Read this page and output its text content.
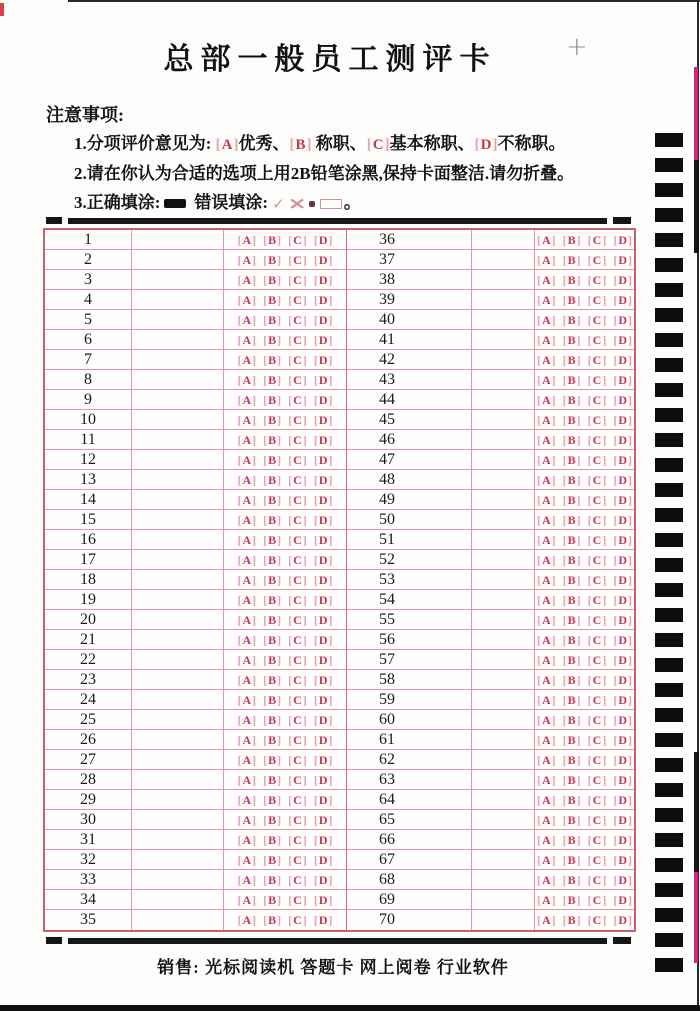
总部一般员工测评卡	+
注意事项:
1.分项评价意见为: [ A ] 优秀、 [ B ] 称职、 [ C ] 基本称职、 [ D ] 不称职。
2.请在你认为合适的选项上用2B铅笔涂黑,保持卡面整洁.请勿折叠。
3.正确填涂: 错误填涂: ✓ × 。
1	[ A ] [ B ] [ C ] [ D ]	36	[ A ] [ B ] [ C ] [ D ]
2	[ A ] [ B ] [ C ] [ D ]	37	[ A ] [ B ] [ C ] [ D ]
3	[ A ] [ B ] [ C ] [ D ]	38	[ A ] [ B ] [ C ] [ D ]
4	[ A ] [ B ] [ C ] [ D ]	39	[ A ] [ B ] [ C ] [ D ]
5	[ A ] [ B ] [ C ] [ D ]	40	[ A ] [ B ] [ C ] [ D ]
6	[ A ] [ B ] [ C ] [ D ]	41	[ A ] [ B ] [ C ] [ D ]
7	[ A ] [ B ] [ C ] [ D ]	42	[ A ] [ B ] [ C ] [ D ]
8	[ A ] [ B ] [ C ] [ D ]	43	[ A ] [ B ] [ C ] [ D ]
9	[ A ] [ B ] [ C ] [ D ]	44	[ A ] [ B ] [ C ] [ D ]
10	[ A ] [ B ] [ C ] [ D ]	45	[ A ] [ B ] [ C ] [ D ]
11	[ A ] [ B ] [ C ] [ D ]	46	[ A ] [ B ] [ C ] [ D ]
12	[ A ] [ B ] [ C ] [ D ]	47	[ A ] [ B ] [ C ] [ D ]
13	[ A ] [ B ] [ C ] [ D ]	48	[ A ] [ B ] [ C ] [ D ]
14	[ A ] [ B ] [ C ] [ D ]	49	[ A ] [ B ] [ C ] [ D ]
15	[ A ] [ B ] [ C ] [ D ]	50	[ A ] [ B ] [ C ] [ D ]
16	[ A ] [ B ] [ C ] [ D ]	51	[ A ] [ B ] [ C ] [ D ]
17	[ A ] [ B ] [ C ] [ D ]	52	[ A ] [ B ] [ C ] [ D ]
18	[ A ] [ B ] [ C ] [ D ]	53	[ A ] [ B ] [ C ] [ D ]
19	[ A ] [ B ] [ C ] [ D ]	54	[ A ] [ B ] [ C ] [ D ]
20	[ A ] [ B ] [ C ] [ D ]	55	[ A ] [ B ] [ C ] [ D ]
21	[ A ] [ B ] [ C ] [ D ]	56	[ A ] [ B ] [ C ] [ D ]
22	[ A ] [ B ] [ C ] [ D ]	57	[ A ] [ B ] [ C ] [ D ]
23	[ A ] [ B ] [ C ] [ D ]	58	[ A ] [ B ] [ C ] [ D ]
24	[ A ] [ B ] [ C ] [ D ]	59	[ A ] [ B ] [ C ] [ D ]
25	[ A ] [ B ] [ C ] [ D ]	60	[ A ] [ B ] [ C ] [ D ]
26	[ A ] [ B ] [ C ] [ D ]	61	[ A ] [ B ] [ C ] [ D ]
27	[ A ] [ B ] [ C ] [ D ]	62	[ A ] [ B ] [ C ] [ D ]
28	[ A ] [ B ] [ C ] [ D ]	63	[ A ] [ B ] [ C ] [ D ]
29	[ A ] [ B ] [ C ] [ D ]	64	[ A ] [ B ] [ C ] [ D ]
30	[ A ] [ B ] [ C ] [ D ]	65	[ A ] [ B ] [ C ] [ D ]
31	[ A ] [ B ] [ C ] [ D ]	66	[ A ] [ B ] [ C ] [ D ]
32	[ A ] [ B ] [ C ] [ D ]	67	[ A ] [ B ] [ C ] [ D ]
33	[ A ] [ B ] [ C ] [ D ]	68	[ A ] [ B ] [ C ] [ D ]
34	[ A ] [ B ] [ C ] [ D ]	69	[ A ] [ B ] [ C ] [ D ]
35	[ A ] [ B ] [ C ] [ D ]	70	[ A ] [ B ] [ C ] [ D ]
销售: 光标阅读机 答题卡 网上阅卷 行业软件
